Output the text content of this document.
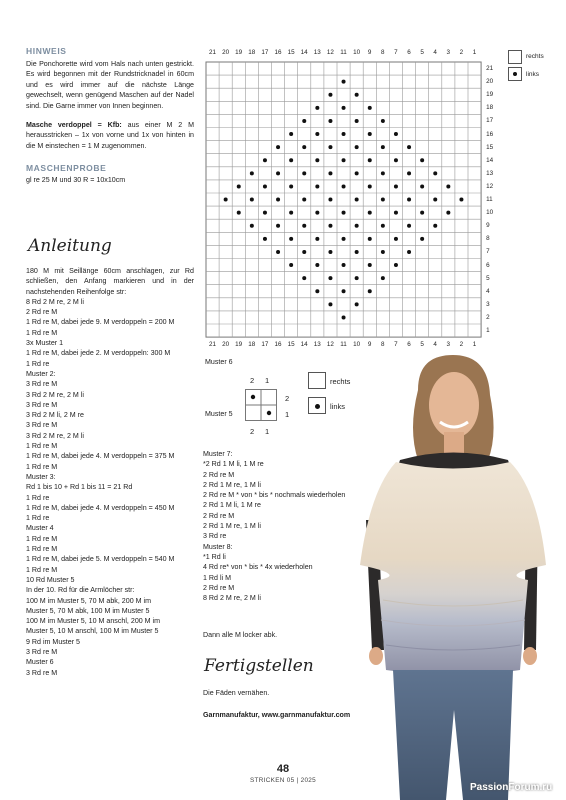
HINWEIS
Die Ponchorette wird vom Hals nach unten gestrickt. Es wird begonnen mit der Rundstricknadel in 60cm und es wird immer auf die nächste Länge gewechselt, wenn genügend Maschen auf der Nadel sind. Die Garne immer von Innen beginnen.
Masche verdoppel = Kfb: aus einer M 2 M herausstricken – 1x von vorne und 1x von hinten in die M einstechen = 1 M zugenommen.
MASCHENPROBE
gl re 25 M und 30 R = 10x10cm
Anleitung
180 M mit Seillänge 60cm anschlagen, zur Rd schließen, den Anfang markieren und in der nachstehenden Reihenfolge str:
8 Rd 2 M re, 2 M li
2 Rd re M
1 Rd re M, dabei jede 9. M verdoppeln = 200 M
1 Rd re M
3x Muster 1
1 Rd re M, dabei jede 2. M verdoppeln: 300 M
1 Rd re
Muster 2:
3 Rd re M
3 Rd 2 M re, 2 M li
3 Rd re M
3 Rd 2 M li, 2 M re
3 Rd re M
3 Rd 2 M re, 2 M li
1 Rd re M
1 Rd re M, dabei jede 4. M verdoppeln = 375 M
1 Rd re M
Muster 3:
Rd 1 bis 10 + Rd 1 bis 11 = 21 Rd
1 Rd re
1 Rd re M, dabei jede 4. M verdoppeln = 450 M
1 Rd re
Muster 4
1 Rd re M
1 Rd re M
1 Rd re M, dabei jede 5. M verdoppeln = 540 M
1 Rd re M
10 Rd Muster 5
In der 10. Rd für die Armlöcher str:
100 M im Muster 5, 70 M abk, 200 M im
Muster 5, 70 M abk, 100 M im Muster 5
100 M im Muster 5, 10 M anschl, 200 M im
Muster 5, 10 M anschl, 100 M im Muster 5
9 Rd im Muster 5
3 Rd re M
Muster 6
3 Rd re M
21
21
20
20
19
19
18
18
17
17
16
16
15
15
14
14
13
13
12
12
11
11
10
10
9
9
8
8
7
7
6
6
5
5
4
4
3
3
2
2
1
1
21
20
19
18
17
16
15
14
13
12
11
10
9
8
7
6
5
4
3
2
1
rechts
links
Muster 6
Muster 5
2 1
2 1
2
1
rechts
links
Muster 7:
*2 Rd 1 M li, 1 M re
2 Rd re M
2 Rd 1 M re, 1 M li
2 Rd re M * von * bis * nochmals wiederholen
2 Rd 1 M li, 1 M re
2 Rd re M
2 Rd 1 M re, 1 M li
3 Rd re
Muster 8:
*1 Rd li
4 Rd re* von * bis * 4x wiederholen
1 Rd li M
2 Rd re M
8 Rd 2 M re, 2 M li
Dann alle M locker abk.
Fertigstellen
Die Fäden vernähen.
Garnmanufaktur, www.garnmanufaktur.com
48
STRICKEN 05 | 2025
PassionForum.ru
